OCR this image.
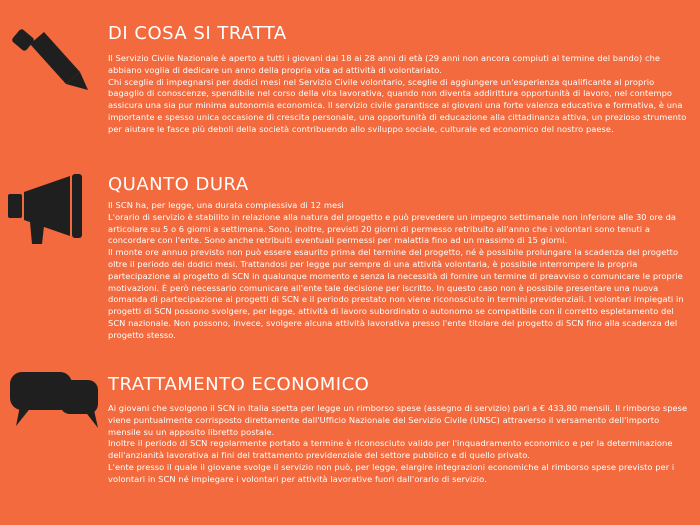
DI COSA SI TRATTA
Il Servizio Civile Nazionale è aperto a tutti i giovani dai 18 ai 28 anni di età (29 anni non ancora compiuti al termine del bando) che abbiano voglia di dedicare un anno della propria vita ad attività di volontariato.
Chi sceglie di impegnarsi per dodici mesi nel Servizio Civile volontario, sceglie di aggiungere un'esperienza qualificante al proprio bagaglio di conoscenze, spendibile nel corso della vita lavorativa, quando non diventa addirittura opportunità di lavoro, nel contempo assicura una sia pur minima autonomia economica. Il servizio civile garantisce ai giovani una forte valenza educativa e formativa, è una importante e spesso unica occasione di crescita personale, una opportunità di educazione alla cittadinanza attiva, un prezioso strumento per aiutare le fasce più deboli della società contribuendo allo sviluppo sociale, culturale ed economico del nostro paese.
QUANTO DURA
Il SCN ha, per legge, una durata complessiva di 12 mesi
L'orario di servizio è stabilito in relazione alla natura del progetto e può prevedere un impegno settimanale non inferiore alle 30 ore da articolare su 5 o 6 giorni a settimana. Sono, inoltre, previsti 20 giorni di permesso retribuito all'anno che i volontari sono tenuti a concordare con l'ente. Sono anche retribuiti eventuali permessi per malattia fino ad un massimo di 15 giorni.
Il monte ore annuo previsto non può essere esaurito prima del termine del progetto, né è possibile prolungare la scadenza del progetto oltre il periodo dei dodici mesi. Trattandosi per legge pur sempre di una attività volontaria, è possibile interrompere la propria partecipazione al progetto di SCN in qualunque momento e senza la necessità di fornire un termine di preavviso o comunicare le proprie motivazioni. È però necessario comunicare all'ente tale decisione per iscritto. In questo caso non è possibile presentare una nuova domanda di partecipazione ai progetti di SCN e il periodo prestato non viene riconosciuto in termini previdenziali. I volontari impiegati in progetti di SCN possono svolgere, per legge, attività di lavoro subordinato o autonomo se compatibile con il corretto espletamento del SCN nazionale. Non possono, invece, svolgere alcuna attività lavorativa presso l'ente titolare del progetto di SCN fino alla scadenza del progetto stesso.
TRATTAMENTO ECONOMICO
Ai giovani che svolgono il SCN in Italia spetta per legge un rimborso spese (assegno di servizio) pari a € 433,80 mensili. Il rimborso spese viene puntualmente corrisposto direttamente dall'Ufficio Nazionale del Servizio Civile (UNSC) attraverso il versamento dell'importo mensile su un apposito libretto postale.
Inoltre il periodo di SCN regolarmente portato a termine è riconosciuto valido per l'inquadramento economico e per la determinazione dell'anzianità lavorativa ai fini del trattamento previdenziale del settore pubblico e di quello privato.
L'ente presso il quale il giovane svolge il servizio non può, per legge, elargire integrazioni economiche al rimborso spese previsto per i volontari in SCN né impiegare i volontari per attività lavorative fuori dall'orario di servizio.
